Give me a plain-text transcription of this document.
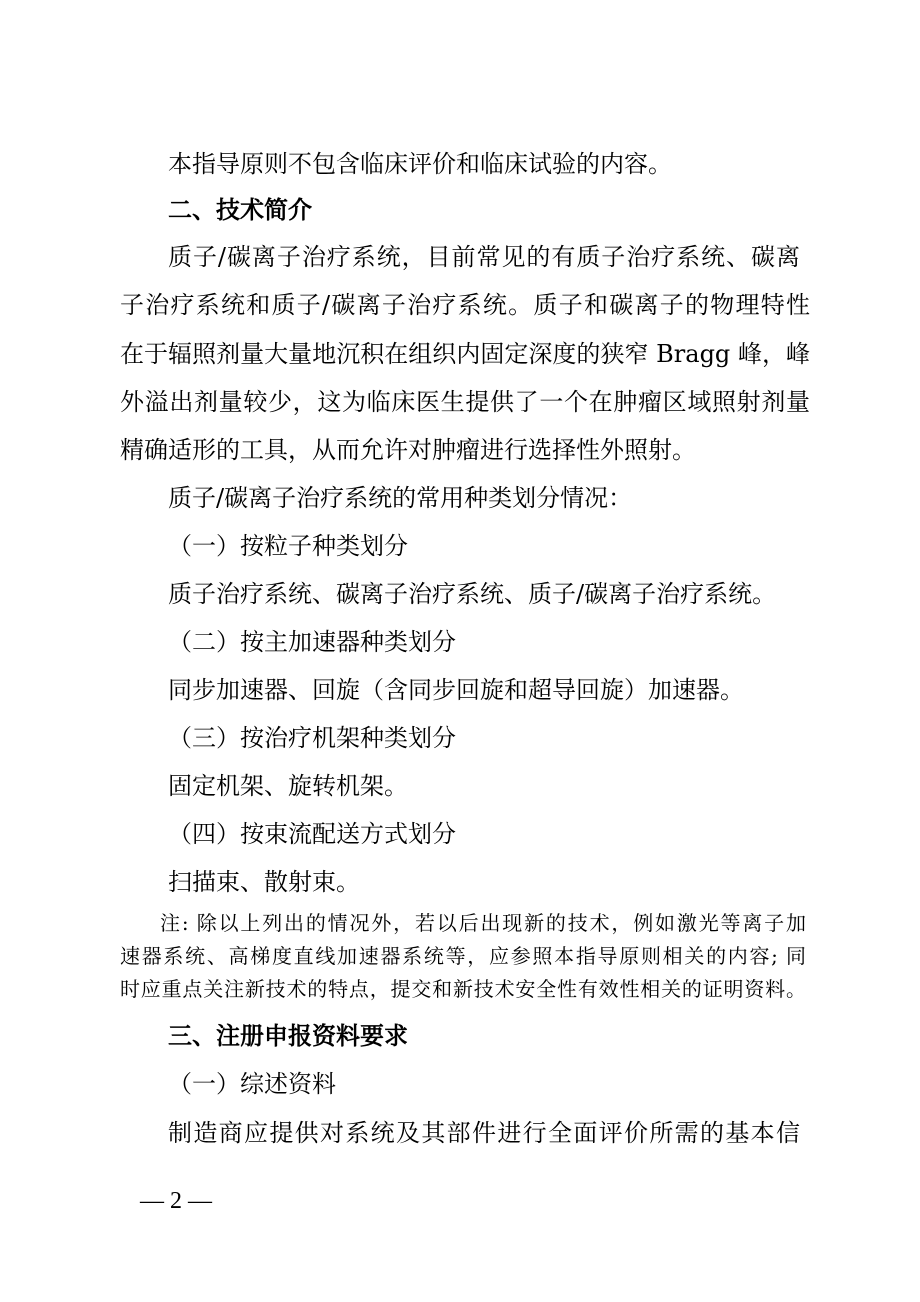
本指导原则不包含临床评价和临床试验的内容。
二、技术简介
质子/碳离子治疗系统，目前常见的有质子治疗系统、碳离
子治疗系统和质子/碳离子治疗系统。质子和碳离子的物理特性
在于辐照剂量大量地沉积在组织内固定深度的狭窄 Bragg 峰，峰
外溢出剂量较少，这为临床医生提供了一个在肿瘤区域照射剂量
精确适形的工具，从而允许对肿瘤进行选择性外照射。
质子/碳离子治疗系统的常用种类划分情况：
（一）按粒子种类划分
质子治疗系统、碳离子治疗系统、质子/碳离子治疗系统。
（二）按主加速器种类划分
同步加速器、回旋（含同步回旋和超导回旋）加速器。
（三）按治疗机架种类划分
固定机架、旋转机架。
（四）按束流配送方式划分
扫描束、散射束。
注: 除以上列出的情况外，若以后出现新的技术，例如激光等离子加
速器系统、高梯度直线加速器系统等，应参照本指导原则相关的内容; 同
时应重点关注新技术的特点，提交和新技术安全性有效性相关的证明资料。
三、注册申报资料要求
（一）综述资料
制造商应提供对系统及其部件进行全面评价所需的基本信
— 2 —
